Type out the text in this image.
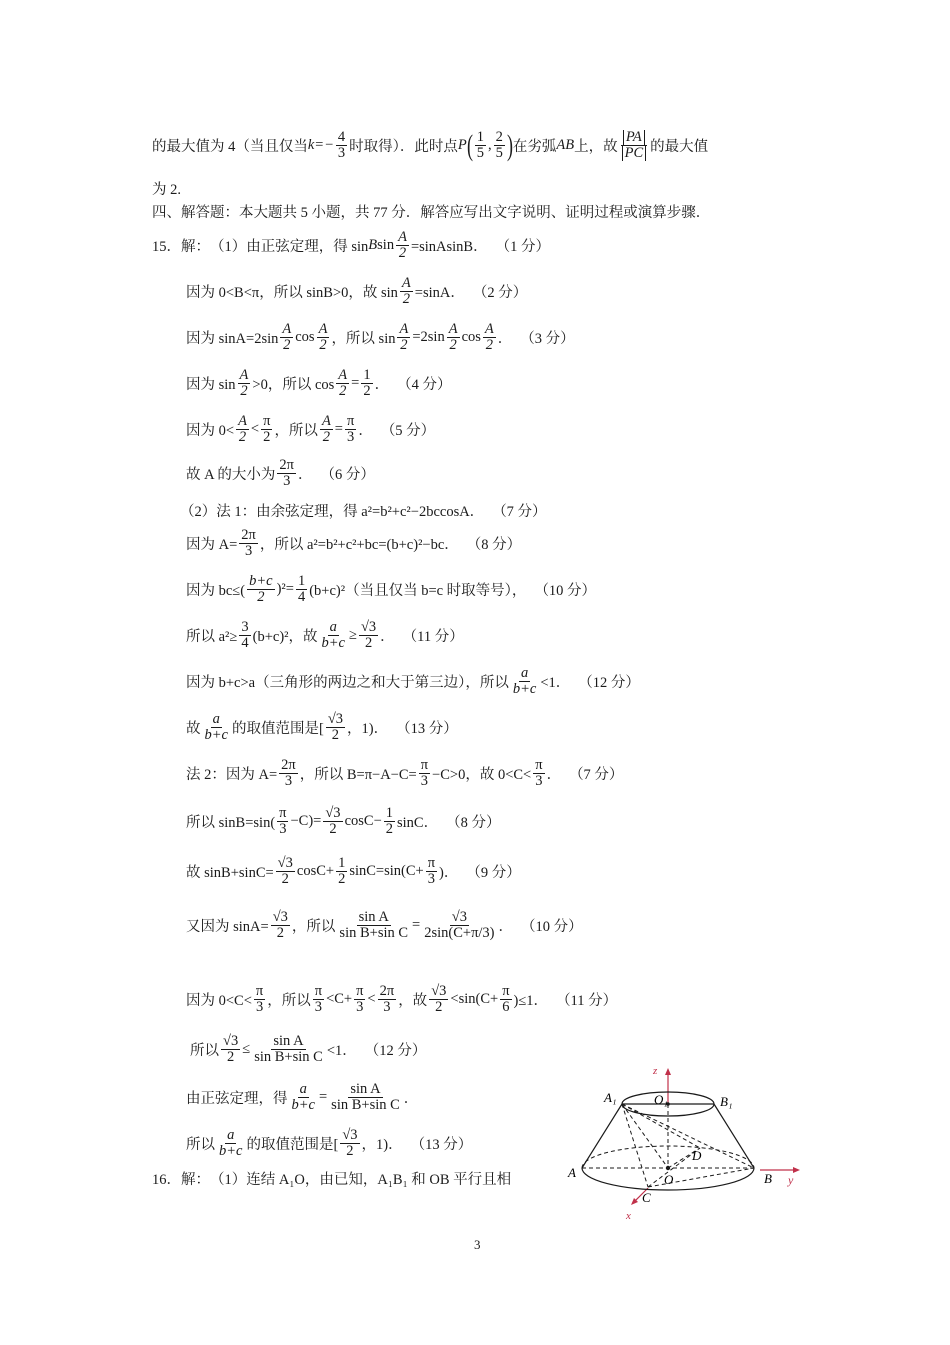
的最大值为 4（当且仅当 $k=- \frac{4}{3}$ 时取得）．此时点 P ( $\frac{1}{5}$ , $\frac{2}{5}$ ) 在劣弧 AB 上，故 $\frac{PA}{PC}$ 的最大值
为 2.
四、解答题：本大题共 5 小题，共 77 分．解答应写出文字说明、证明过程或演算步骤．
15．解： （1）由正弦定理，得 sin B $\sin \frac{A}{2}$ =sinAsinB． （1 分）
因为 0<B<π，所以 sinB>0，故 $\sin \frac{A}{2} =\sin A$． （2 分）
因为 $\sin A=2\sin \frac{A}{2}$ $\cos \frac{A}{2}$ ，所以 $\sin \frac{A}{2} =2\sin \frac{A}{2}$ $\cos \frac{A}{2}$ ． （3 分）
因为 $\sin \frac{A}{2} >0$，所以 $\cos \frac{A}{2} = \frac{1}{2}$ ． （4 分）
因为 $0< \frac{A}{2} < \frac{\pi}{2}$ ，所以 $\frac{A}{2} = \frac{\pi}{3}$ ． （5 分）
故 A 的大小为 $\frac{2\pi}{3}$ ． （6 分）
（2）法 1：由余弦定理，得 a²=b²+c²−2bccosA． （7 分）
因为 $A= \frac{2\pi}{3}$ ，所以 a²=b²+c²+bc=(b+c)²−bc． （8 分）
因为 $bc\le( \frac{b+c}{2} )^2= \frac{1}{4} (b+c)^2$（当且仅当 b=c 时取等号）， （10 分）
所以 $a^2\ge \frac{3}{4} (b+c)^2$，故 $\frac{a}{b+c} \ge \frac{√3}{2}$ ． （11 分）
因为 b+c>a（三角形的两边之和大于第三边），所以 $\frac{a}{b+c} <1$． （12 分）
故 $\frac{a}{b+c}$ 的取值范围是[ $\frac{√3}{2}$ ，1)． （13 分）
法 2：因为 $A= \frac{2\pi}{3}$ ，所以 $B=\pi-A-C= \frac{\pi}{3} -C>0$，故 $0<C< \frac{\pi}{3}$ ． （7 分）
所以 $\sin B=\sin( \frac{\pi}{3} -C)= \frac{√3}{2} \cos C- \frac{1}{2}$ sinC． （8 分）
故 $\sin B+\sin C= \frac{√3}{2} \cos C+ \frac{1}{2} \sin C=\sin(C+ \frac{\pi}{3}$ )． （9 分）
又因为 $\sin A= \frac{√3}{2}$ ，所以 $\frac{\text{sin A}}{\text{sin B+sin C}} = \frac{√3}{2\sin(C+\pi/3)}$ ． （10 分）
因为 $0<C< \frac{\pi}{3}$ ，所以 $\frac{\pi}{3} <C+ \frac{\pi}{3} < \frac{2\pi}{3}$ ，故 $\frac{√3}{2} <\sin(C+ \frac{\pi}{6} )\le 1$． （11 分）
所以 $\frac{√3}{2} \le \frac{\text{sin A}}{\text{sin B+sin C}} <1$． （12 分）
由正弦定理，得 $\frac{a}{b+c} = \frac{\text{sin A}}{\text{sin B+sin C}}$ ．
所以 $\frac{a}{b+c}$ 的取值范围是[ $\frac{√3}{2}$ ，1)． （13 分）
16．解： （1）连结 A₁O，由已知，A₁B₁ 和 OB 平行且相
z
A₁	O₁	B₁
D
A	O	B y
C
x
3
